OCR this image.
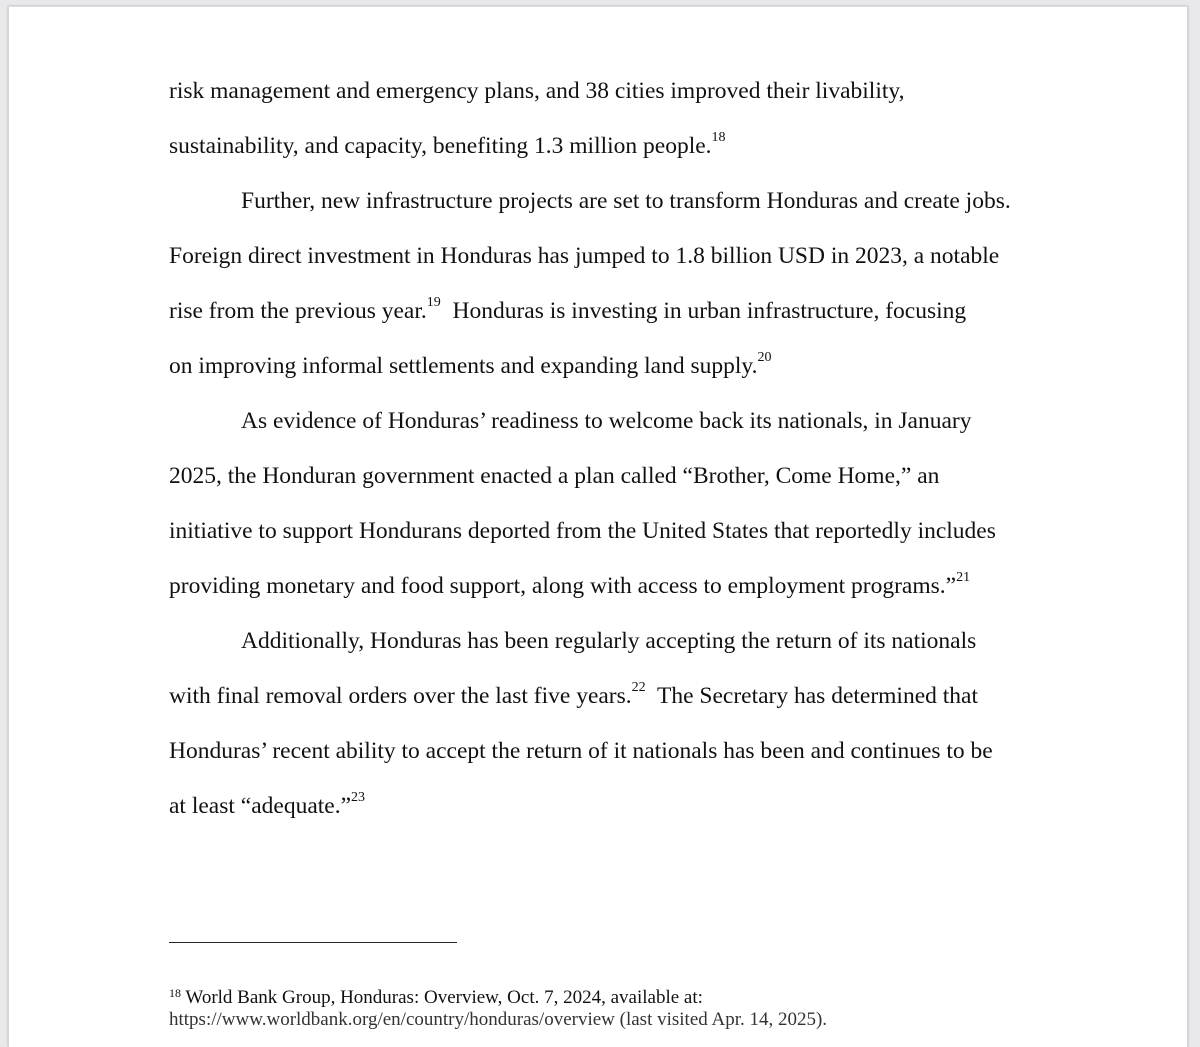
risk management and emergency plans, and 38 cities improved their livability,
sustainability, and capacity, benefiting 1.3 million people.$^{18}$
Further, new infrastructure projects are set to transform Honduras and create jobs.
Foreign direct investment in Honduras has jumped to 1.8 billion USD in 2023, a notable
rise from the previous year.$^{19}$  Honduras is investing in urban infrastructure, focusing
on improving informal settlements and expanding land supply.$^{20}$
As evidence of Honduras’ readiness to welcome back its nationals, in January
2025, the Honduran government enacted a plan called “Brother, Come Home,” an
initiative to support Hondurans deported from the United States that reportedly includes
providing monetary and food support, along with access to employment programs.”$^{21}$
Additionally, Honduras has been regularly accepting the return of its nationals
with final removal orders over the last five years.$^{22}$  The Secretary has determined that
Honduras’ recent ability to accept the return of it nationals has been and continues to be
at least “adequate.”$^{23}$
$^{18}$ World Bank Group, Honduras: Overview, Oct. 7, 2024, available at:
https://www.worldbank.org/en/country/honduras/overview (last visited Apr. 14, 2025).
